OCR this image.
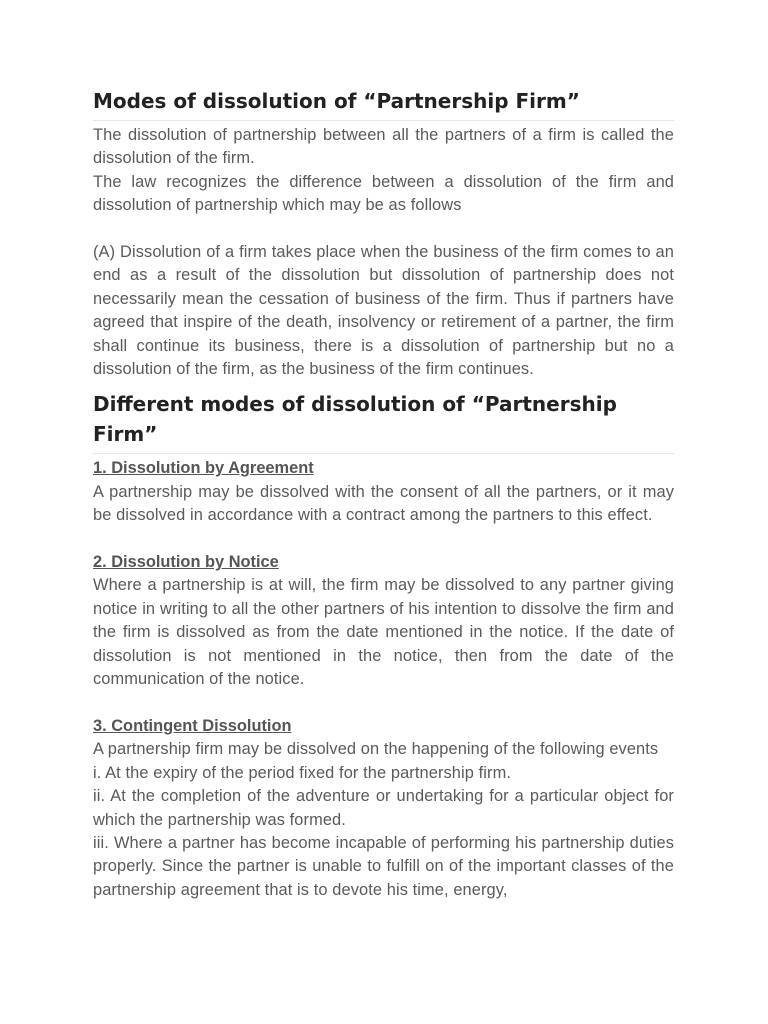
Modes of dissolution of “Partnership Firm”

The dissolution of partnership between all the partners of a firm is called the dissolution of the firm.

The law recognizes the difference between a dissolution of the firm and dissolution of partnership which may be as follows

(A) Dissolution of a firm takes place when the business of the firm comes to an end as a result of the dissolution but dissolution of partnership does not necessarily mean the cessation of business of the firm. Thus if partners have agreed that inspire of the death, insolvency or retirement of a partner, the firm shall continue its business, there is a dissolution of partnership but no a dissolution of the firm, as the business of the firm continues.

Different modes of dissolution of “Partnership Firm”
1. Dissolution by Agreement

A partnership may be dissolved with the consent of all the partners, or it may be dissolved in accordance with a contract among the partners to this effect.

2. Dissolution by Notice

Where a partnership is at will, the firm may be dissolved to any partner giving notice in writing to all the other partners of his intention to dissolve the firm and the firm is dissolved as from the date mentioned in the notice. If the date of dissolution is not mentioned in the notice, then from the date of the communication of the notice.

3. Contingent Dissolution

A partnership firm may be dissolved on the happening of the following events

i. At the expiry of the period fixed for the partnership firm.

ii. At the completion of the adventure or undertaking for a particular object for which the partnership was formed.

iii. Where a partner has become incapable of performing his partnership duties properly. Since the partner is unable to fulfill on of the important classes of the partnership agreement that is to devote his time, energy,
